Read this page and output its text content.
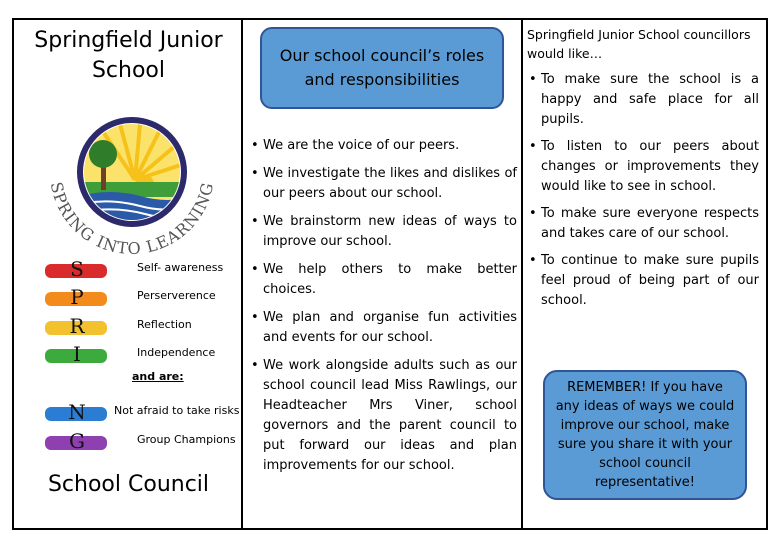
Springfield Junior School
SPRING INTO LEARNING
S	Self- awareness
P	Perserverence
R	Reflection
I	Independence
N	Not afraid to take risks
G	Group Champions
and are:
School Council
Our school council’s roles and responsibilities
• We are the voice of our peers.
• We investigate the likes and dislikes of our peers about our school.
• We brainstorm new ideas of ways to improve our school.
• We help others to make better choices.
• We plan and organise fun activities and events for our school.
• We work alongside adults such as our school council lead Miss Rawlings, our Headteacher Mrs Viner, school governors and the parent council to put forward our ideas and plan improvements for our school.
Springfield Junior School councillors would like…
• To make sure the school is a happy and safe place for all pupils.
• To listen to our peers about changes or improvements they would like to see in school.
• To make sure everyone respects and takes care of our school.
• To continue to make sure pupils feel proud of being part of our school.
REMEMBER! If you have any ideas of ways we could improve our school, make sure you share it with your school council representative!
